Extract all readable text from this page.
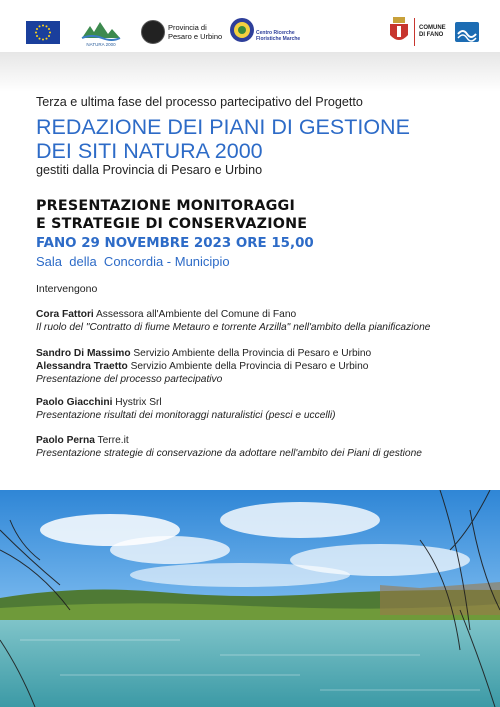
NATURA 2000
Provincia di
Pesaro e Urbino	Centro Ricerche
Floristiche Marche
COMUNE
DI FANO
Terza e ultima fase del processo partecipativo del Progetto
REDAZIONE DEI PIANI DI GESTIONE
DEI SITI NATURA 2000
gestiti dalla Provincia di Pesaro e Urbino
PRESENTAZIONE MONITORAGGI
E STRATEGIE DI CONSERVAZIONE
FANO 29 NOVEMBRE 2023 ORE 15,00
Sala  della  Concordia - Municipio
Intervengono
Cora Fattori Assessora all'Ambiente del Comune di Fano
Il ruolo del "Contratto di fiume Metauro e torrente Arzilla" nell'ambito della pianificazione
Sandro Di Massimo Servizio Ambiente della Provincia di Pesaro e Urbino
Alessandra Traetto Servizio Ambiente della Provincia di Pesaro e Urbino
Presentazione del processo partecipativo
Paolo Giacchini Hystrix Srl
Presentazione risultati dei monitoraggi naturalistici (pesci e uccelli)
Paolo Perna Terre.it
Presentazione strategie di conservazione da adottare nell'ambito dei Piani di gestione
